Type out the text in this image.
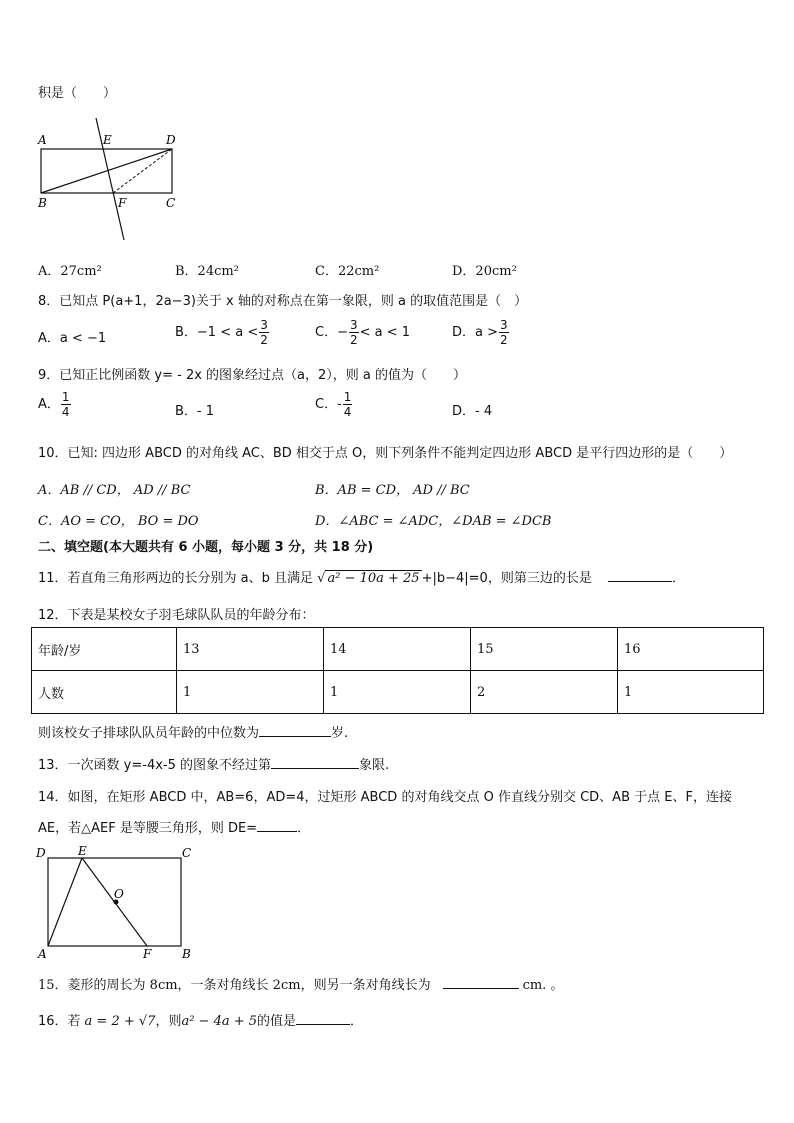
积是（　　）
A	E	D
B	F	C
A．27cm²	B．24cm²	C．22cm²	D．20cm²
8．已知点 P(a+1，2a−3)关于 x 轴的对称点在第一象限，则 a 的取值范围是（　）
A．a < −1	B．$-1 < a < \frac{3}{2}$	C．− $\frac{3}{2} < a < 1$	D．$a > \frac{3}{2}$
9．已知正比例函数 y= - 2x 的图象经过点（a，2），则 a 的值为（　　）
A． $\frac{1}{4}$	B．- 1	C．- $\frac{1}{4}$	D．- 4
10．已知: 四边形 ABCD 的对角线 AC、BD 相交于点 O，则下列条件不能判定四边形 ABCD 是平行四边形的是（　　）
A．AB // CD， AD // BC	B．AB = CD， AD // BC
C．AO = CO， BO = DO	D．∠ABC = ∠ADC，∠DAB = ∠DCB
二、填空题(本大题共有 6 小题，每小题 3 分，共 18 分)
11．若直角三角形两边的长分别为 a、b 且满足 √ a² − 10a + 25 +|b−4|=0，则第三边的长是	．
12．下表是某校女子羽毛球队队员的年龄分布：
年龄/岁	13	14	15	16
人数	1	1	2	1
则该校女子排球队队员年龄的中位数为	岁.
13．一次函数 y=-4x-5 的图象不经过第	象限.
14．如图，在矩形 ABCD 中，AB=6，AD=4，过矩形 ABCD 的对角线交点 O 作直线分别交 CD、AB 于点 E、F，连接
AE，若△AEF 是等腰三角形，则 DE=	．
D	E	C
O
A	F	B
15．菱形的周长为 8cm，一条对角线长 2cm，则另一条对角线长为	cm. 。
16．若 a = 2 + √7，则a² − 4a + 5的值是	．
